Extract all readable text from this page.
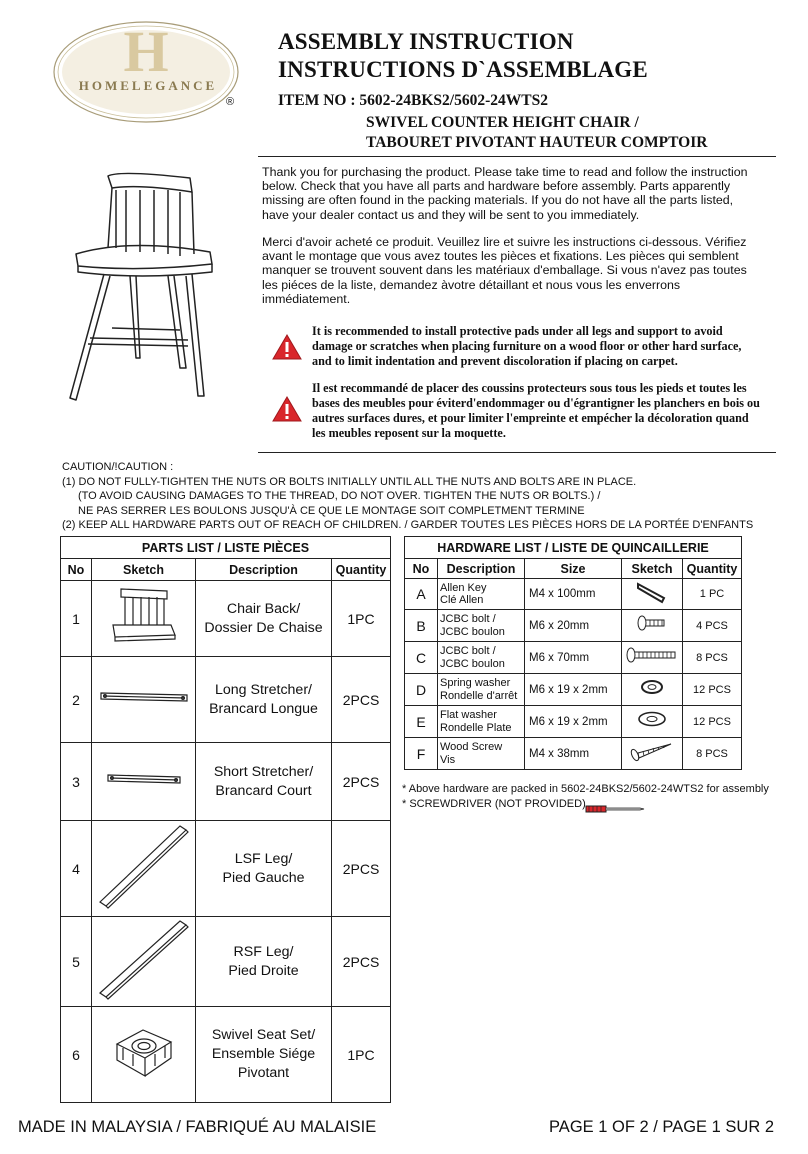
H
HOMELEGANCE
®
ASSEMBLY INSTRUCTION
INSTRUCTIONS D`ASSEMBLAGE
ITEM NO : 5602-24BKS2/5602-24WTS2
SWIVEL COUNTER HEIGHT CHAIR /
TABOURET PIVOTANT HAUTEUR COMPTOIR
Thank you for purchasing the product. Please take time to read and follow the instruction below. Check that you have all parts and hardware before assembly. Parts apparently missing are often found in the packing materials. If you do not have all the parts listed, have your dealer contact us and they will be sent to you immediately.
Merci d'avoir acheté ce produit. Veuillez lire et suivre les instructions ci-dessous. Vérifiez avant le montage que vous avez toutes les pièces et fixations. Les pièces qui semblent manquer se trouvent souvent dans les matériaux d'emballage. Si vous n'avez pas toutes les piéces de la liste, demandez àvotre détaillant et nous vous les enverrons immédiatement.
It is recommended to install protective pads under all legs and support to avoid damage or scratches when placing furniture on a wood floor or other hard surface, and to limit indentation and prevent discoloration if placing on carpet.
Il est recommandé de placer des coussins protecteurs sous tous les pieds et toutes les bases des meubles pour éviterd'endommager ou d'égrantigner les planchers en bois ou autres surfaces dures, et pour limiter l'empreinte et empécher la décoloration quand les meubles reposent sur la moquette.
CAUTION/!CAUTION :
(1) DO NOT FULLY-TIGHTEN THE NUTS OR BOLTS INITIALLY UNTIL ALL THE NUTS AND BOLTS ARE IN PLACE.
(TO AVOID CAUSING DAMAGES TO THE THREAD, DO NOT OVER. TIGHTEN THE NUTS OR BOLTS.) /
NE PAS SERRER LES BOULONS JUSQU'À CE QUE LE MONTAGE SOIT COMPLETMENT TERMINE
(2) KEEP ALL HARDWARE PARTS OUT OF REACH OF CHILDREN. / GARDER TOUTES LES PIÈCES HORS DE LA PORTÉE D'ENFANTS
PARTS LIST / LISTE PIÈCES			
No	Sketch	Description	Quantity
1		Chair Back/
Dossier De Chaise	1PC
2		Long Stretcher/
Brancard Longue	2PCS
3		Short Stretcher/
Brancard Court	2PCS
4		LSF Leg/
Pied Gauche	2PCS
5		RSF Leg/
Pied Droite	2PCS
6		Swivel Seat Set/
Ensemble Siége
Pivotant	1PC
HARDWARE LIST / LISTE DE QUINCAILLERIE				
No	Description	Size	Sketch	Quantity
A	Allen Key
Clé Allen	M4 x 100mm		1 PC
B	JCBC bolt /
JCBC boulon	M6 x 20mm		4 PCS
C	JCBC bolt /
JCBC boulon	M6 x 70mm		8 PCS
D	Spring washer
Rondelle d'arrêt	M6 x 19 x 2mm		12 PCS
E	Flat washer
Rondelle Plate	M6 x 19 x 2mm		12 PCS
F	Wood Screw
Vis	M4 x 38mm		8 PCS
* Above hardware are packed in 5602-24BKS2/5602-24WTS2 for assembly
* SCREWDRIVER (NOT PROVIDED)
MADE IN MALAYSIA / FABRIQUÉ AU MALAISIE	PAGE 1 OF 2 / PAGE 1 SUR 2
